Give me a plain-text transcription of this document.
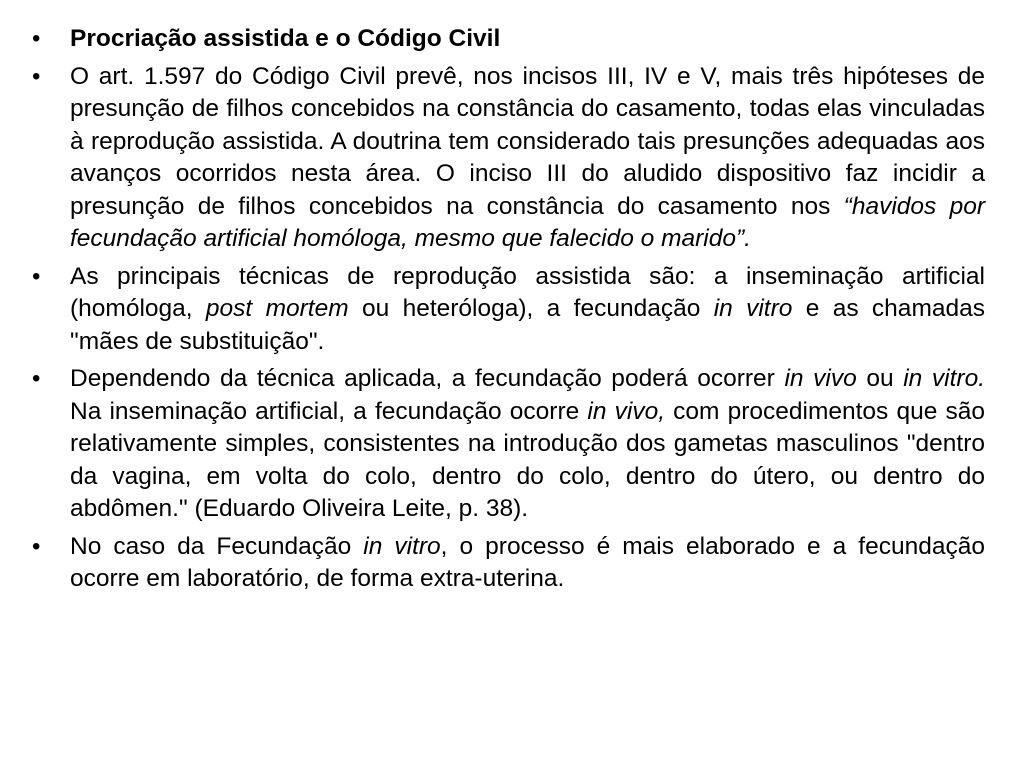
• Procriação assistida e o Código Civil
• O art. 1.597 do Código Civil prevê, nos incisos III, IV e V, mais três hipóteses de presunção de filhos concebidos na constância do casamento, todas elas vinculadas à reprodução assistida. A doutrina tem considerado tais presunções adequadas aos avanços ocorridos nesta área. O inciso III do aludido dispositivo faz incidir a presunção de filhos concebidos na constância do casamento nos “havidos por fecundação artificial homóloga, mesmo que falecido o marido”.
• As principais técnicas de reprodução assistida são: a inseminação artificial (homóloga, post mortem ou heteróloga), a fecundação in vitro e as chamadas "mães de substituição".
• Dependendo da técnica aplicada, a fecundação poderá ocorrer in vivo ou in vitro. Na inseminação artificial, a fecundação ocorre in vivo, com procedimentos que são relativamente simples, consistentes na introdução dos gametas masculinos "dentro da vagina, em volta do colo, dentro do colo, dentro do útero, ou dentro do abdômen." (Eduardo Oliveira Leite, p. 38).
• No caso da Fecundação in vitro, o processo é mais elaborado e a fecundação ocorre em laboratório, de forma extra-uterina.
